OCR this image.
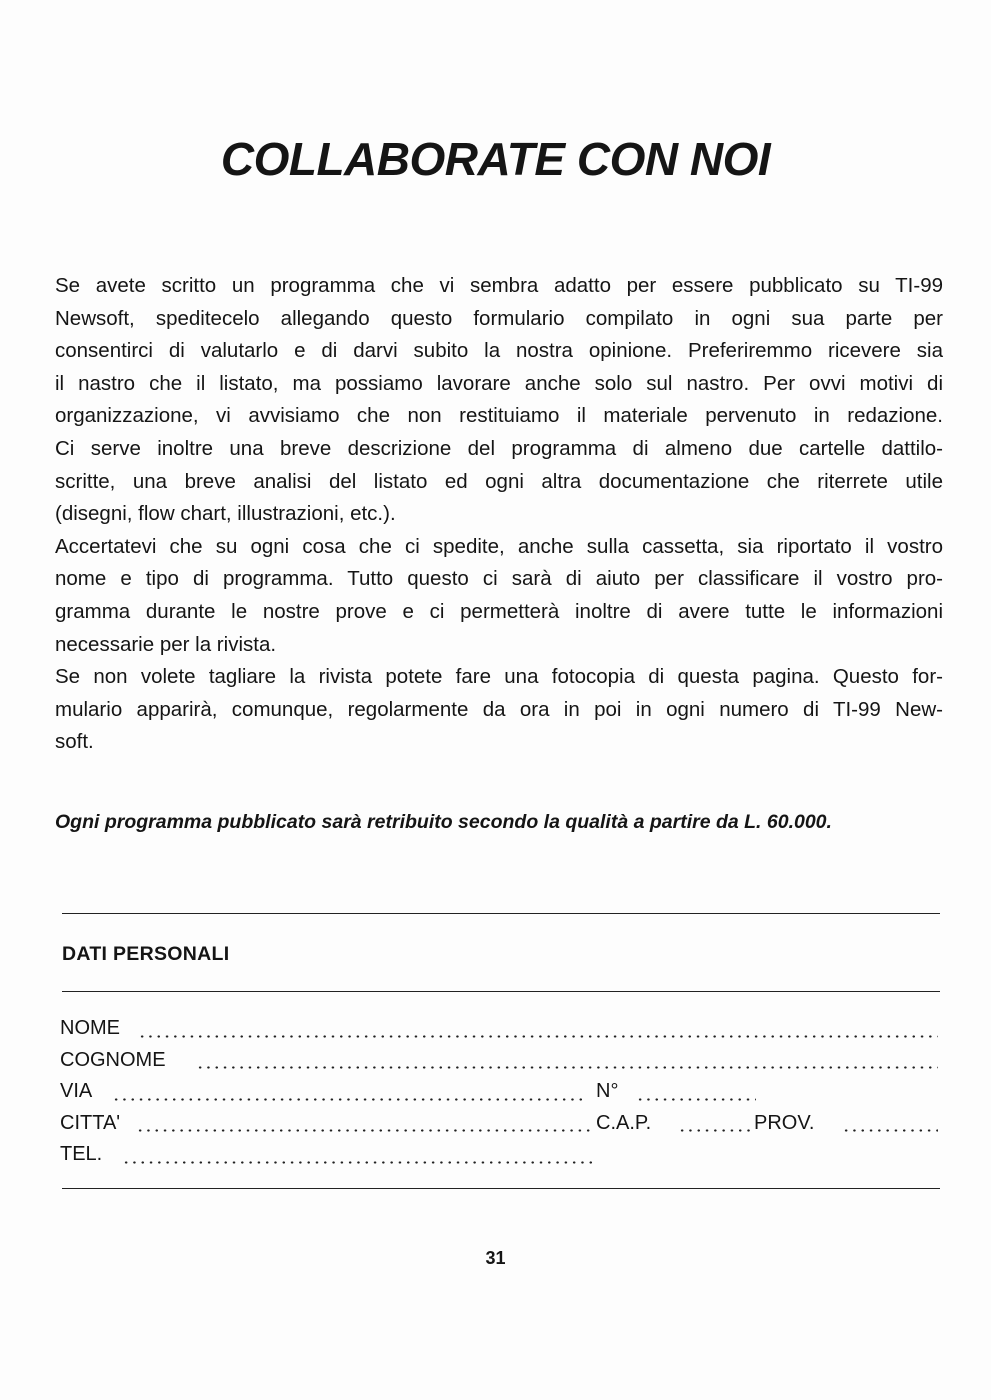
COLLABORATE CON NOI
Se avete scritto un programma che vi sembra adatto per essere pubblicato su TI-99
Newsoft, speditecelo allegando questo formulario compilato in ogni sua parte per
consentirci di valutarlo e di darvi subito la nostra opinione. Preferiremmo ricevere sia
il nastro che il listato, ma possiamo lavorare anche solo sul nastro. Per ovvi motivi di
organizzazione, vi avvisiamo che non restituiamo il materiale pervenuto in redazione.
Ci serve inoltre una breve descrizione del programma di almeno due cartelle dattilo-
scritte, una breve analisi del listato ed ogni altra documentazione che riterrete utile
(disegni, flow chart, illustrazioni, etc.).
Accertatevi che su ogni cosa che ci spedite, anche sulla cassetta, sia riportato il vostro
nome e tipo di programma. Tutto questo ci sarà di aiuto per classificare il vostro pro-
gramma durante le nostre prove e ci permetterà inoltre di avere tutte le informazioni
necessarie per la rivista.
Se non volete tagliare la rivista potete fare una fotocopia di questa pagina. Questo for-
mulario apparirà, comunque, regolarmente da ora in poi in ogni numero di TI-99 New-
soft.

Ogni programma pubblicato sarà retribuito secondo la qualità a partire da L. 60.000.

DATI PERSONALI

NOME
COGNOME
VIA	N°
CITTA'	C.A.P.	PROV.
TEL.

31
